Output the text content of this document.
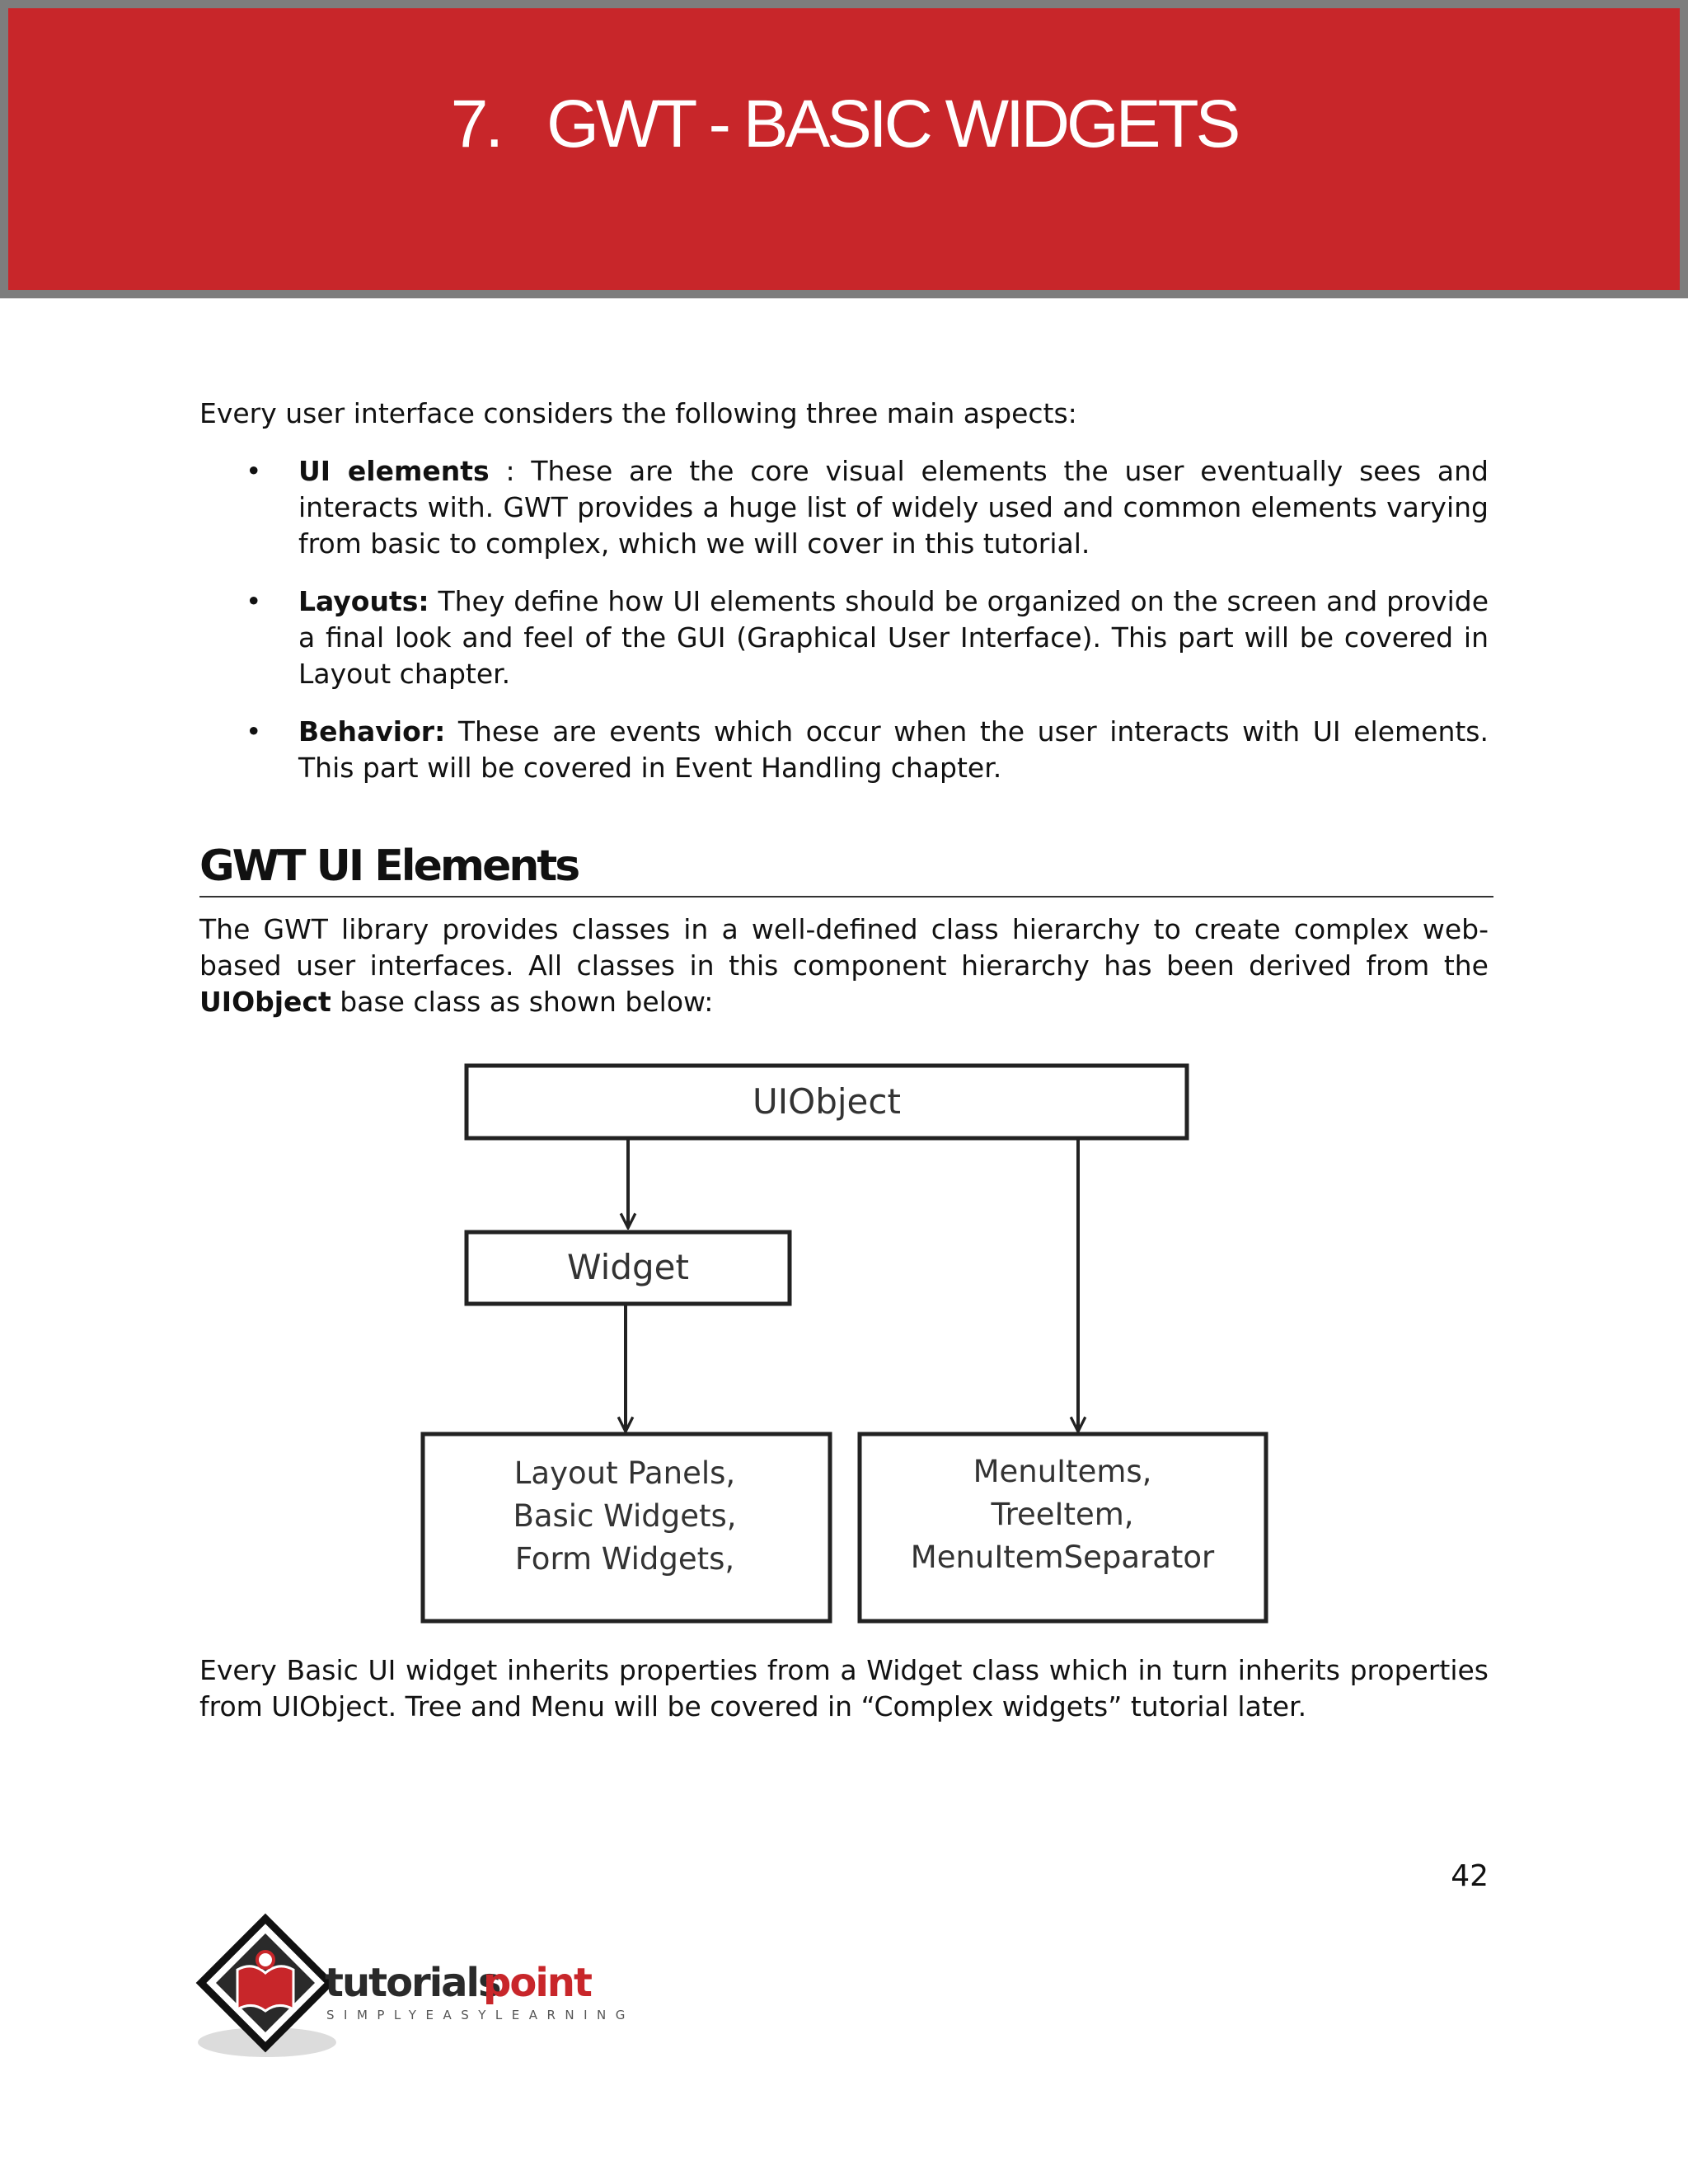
7. GWT - BASIC WIDGETS

Every user interface considers the following three main aspects:

• UI elements : These are the core visual elements the user eventually sees and interacts with. GWT provides a huge list of widely used and common elements varying from basic to complex, which we will cover in this tutorial.
• Layouts: They define how UI elements should be organized on the screen and provide a final look and feel of the GUI (Graphical User Interface). This part will be covered in Layout chapter.
• Behavior: These are events which occur when the user interacts with UI elements. This part will be covered in Event Handling chapter.
GWT UI Elements

The GWT library provides classes in a well-defined class hierarchy to create complex web-based user interfaces. All classes in this component hierarchy has been derived from the UIObject base class as shown below:

UIObject
Widget
Layout Panels,
Basic Widgets,
Form Widgets,
MenuItems,
TreeItem,
MenuItemSeparator

Every Basic UI widget inherits properties from a Widget class which in turn inherits properties from UIObject. Tree and Menu will be covered in “Complex widgets” tutorial later.

42

tutorials
point
SIMPLYEASYLEARNING
